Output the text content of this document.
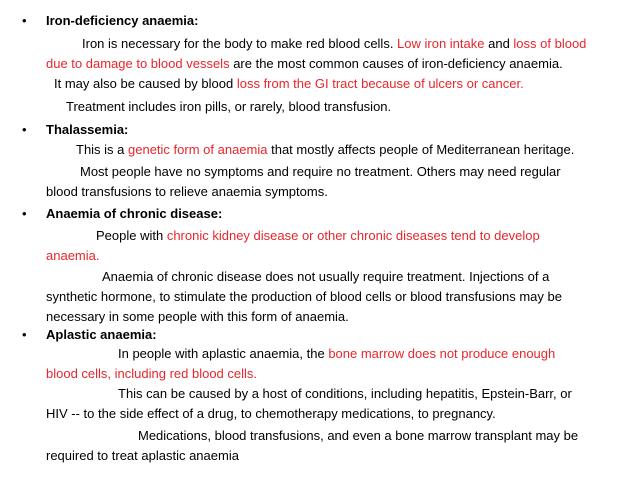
• Iron-deficiency anaemia:
Iron is necessary for the body to make red blood cells. Low iron intake and loss of blood
due to damage to blood vessels are the most common causes of iron-deficiency anaemia.
It may also be caused by blood loss from the GI tract because of ulcers or cancer.
Treatment includes iron pills, or rarely, blood transfusion.
• Thalassemia:
This is a genetic form of anaemia that mostly affects people of Mediterranean heritage.
Most people have no symptoms and require no treatment. Others may need regular
blood transfusions to relieve anaemia symptoms.
• Anaemia of chronic disease:
People with chronic kidney disease or other chronic diseases tend to develop
anaemia.
Anaemia of chronic disease does not usually require treatment. Injections of a
synthetic hormone, to stimulate the production of blood cells or blood transfusions may be
necessary in some people with this form of anaemia.
• Aplastic anaemia:
In people with aplastic anaemia, the bone marrow does not produce enough
blood cells, including red blood cells.
This can be caused by a host of conditions, including hepatitis, Epstein-Barr, or
HIV -- to the side effect of a drug, to chemotherapy medications, to pregnancy.
Medications, blood transfusions, and even a bone marrow transplant may be
required to treat aplastic anaemia
